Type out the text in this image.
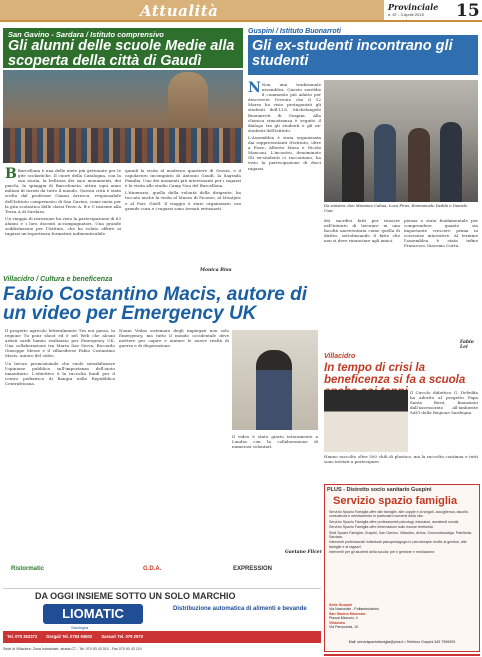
Attualità	Provinciale
n. 67 - 3 Aprile 2015 15
San Gavino - Sardara / Istituto comprensivo
Gli alunni delle scuole Medie alla scoperta della città di Gaudì

B Barcellona è una delle mete più gettonate per le gite scolastiche. Il cuore della Catalogna, con la sua storia, la bellezza dei suoi monumenti, dei parchi, la spiaggia di Barceloneta, attira ogni anno milioni di turisti da tutto il mondo. Questa città è stata scelta dal professor Gianni Arrescu, responsabile dell'Istituto comprensivo di San Gavino, come meta per la gita scolastica delle classi Terze A, B e C insieme alla Terza A di Sardara.

Un viaggio di istruzione ha visto la partecipazione di 63 alunni e i loro docenti accompagnatori. Una grande soddisfazione per l'Istituto, che ha voluto offrire ai ragazzi un'esperienza formativa indimenticabile.

quindi la visita al moderno quartiere di Gracia, e il capolavoro incompiuto di Antonio Gaudì, la Sagrada Familia. Uno dei momenti più interessanti per i ragazzi è la visita allo stadio Camp Nou del Barcellona.

L'itinerario, quello della volontà della dirigente, ha toccato anche la visita al Museo di Picasso, al Montjuïc e al Parc Güell. Il viaggio è stato organizzato con grande cura e i ragazzi sono tornati entusiasti.

Monica Bisu
Guspini / Istituto Buonarroti
Gli ex-studenti incontrano gli studenti

N Non una tradizionale assemblea. Questo sarebbe il commento più adatto per descrivere l'evento che il 12 Marzo ha visto protagonisti gli studenti dell'I.I.S. Michelangelo Buonarroti di Guspini. Alla classica rimostranza è seguito il dialogo tra gli studenti e gli ex-studenti dell'istituto.

L'Assemblea è stata organizzata dai rappresentanti d'istituto, oltre a Fiore, Alberto Musa e Nicola Manconi. L'incontro, denominato Gli ex-studenti ci raccontano, ha visto la partecipazione di dieci ragazzi.

Da sinistra: don Massimo Cabua, Luca Piras, Emmanuele Dedda e Daniele Usai.

dei sacrifici fatti per riuscire nell'intento di lavorare in una facoltà universitaria come quella di diritto, sottolineando il fatto che non si deve rinunciare agli amici.

pienza e stata fondamentale per comprendere quanto sia importante crescere prima in coscienze innovative. Al termine l'assemblea è stata infine Francesco Giacomo Curtu.

Fabio Lei
Villacidro / Cultura e beneficenza
Fabio Costantino Macis, autore di un video per Emergency UK

Il progetto agricolo letteralmente Tra noi passa, la regione Tu pour shoot ed è nel Web che alcuni artisti sardi hanno realizzato per Emergency UK. Una collaborazione tra Marta Sae Serva, Riccardo Giuseppe Messe e il villacidrese Fabio Costantino Macis, autore del video.

Un lavoro promozionale che vuole sensibilizzare l'opinione pubblica sull'importanza dell'aiuto umanitario. L'obiettivo è la raccolta fondi per il centro pediatrico di Bangui nella Repubblica Centrafricana.

Nonni Vedas sistemato degli impiegati non solo Emergency, ma tutto il mondo occidentale deve mettere per capire e aiutare le nuove realtà di guerra e di disperazione.

Il video è stato girato interamente a Londra con la collaborazione di numerosi volontari.

Gaetano Flicer
Villacidro
In tempo di crisi la beneficenza si fa a scuola

Il Circolo didattico G. Deledda ha aderito al progetto Papa Santa Berit, finanziato dall'assessorato all'ambiente SAVI della Regione Sardegna.

Hanno raccolto oltre 500 chili di plastica, ma la raccolta continua e tutti sono invitati a partecipare.

PLUS - Distretto socio sanitario Guspini
Servizio spazio famiglia
Servizio Spazio Famiglia offre alle famiglie, alle coppie e ai singoli, accoglienza, ascolto, consulenza e orientamento in particolari momenti della vita.
Servizio Spazio Famiglia offre professionisti psicologi, educatori, assistenti sociali.
Servizio Spazio Famiglia offre informazioni sulle risorse territoriali.
Sedi Spazio Famiglia: Guspini, San Gavino, Villacidro, Arbus, Gonnosfanadiga, Pabillonis, Sardara.
Interventi professionali individuali psicopedagogici e psicoterapie rivolte ai genitori, alle famiglie e ai ragazzi.
Interventi per gli studenti della scuola: per il genitore e mediazione.
Sede Guspini
Via Nazionale - Poliambulatorio
San Gavino Monreale
Piazza Marconi, 4
Villacidro
Via Parrocchia, 10
Mail: servizispaziofamiglia@plus.it • Telefono Guspini 349 7906993
Ristormatic	G.D.A.	EXPRESSION
DA OGGI INSIEME SOTTO UN SOLO MARCHIO
LIOMATIC
Sardegna
Distribuzione automatica di alimenti e bevande
Tel. 070 262372 Dorgali Tel. 0784 94502 Sassari Tel. 079 2570
Sede di Villacidro: Zona Industriale, strada C7 - Tel. 070 93 43 010 - Fax 070 93 43 119
